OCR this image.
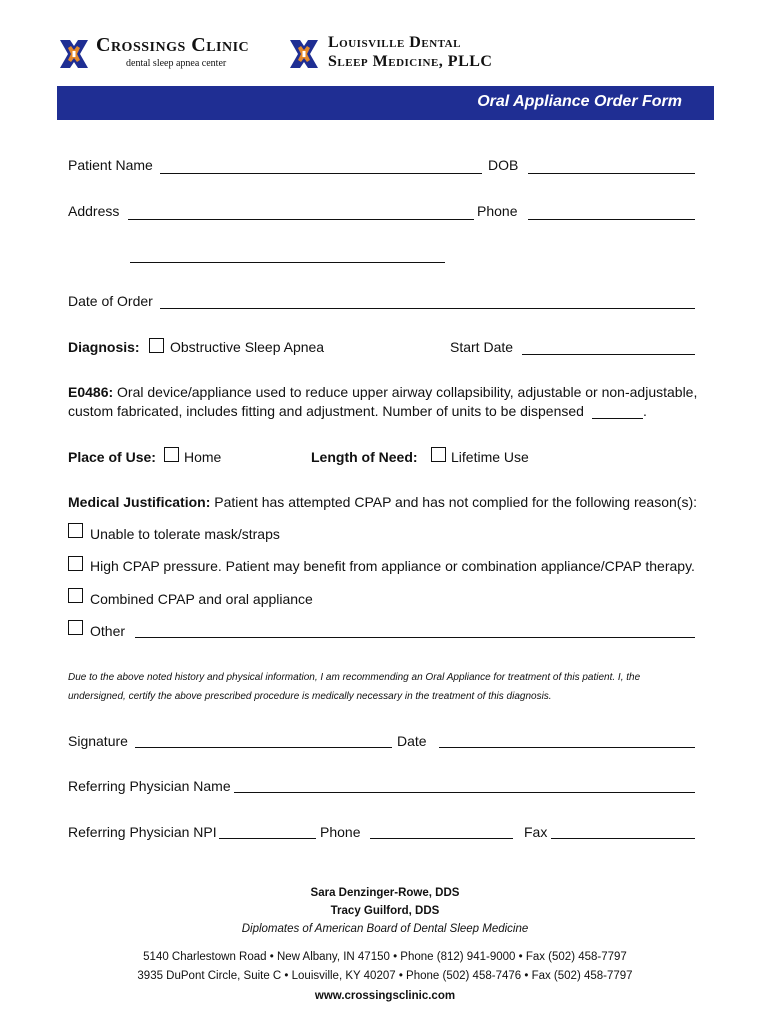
Crossings Clinic
dental sleep apnea center
Louisville Dental
Sleep Medicine, PLLC
Oral Appliance Order Form
Patient Name	DOB
Address	Phone
Date of Order
Diagnosis: Obstructive Sleep Apnea	Start Date
E0486: Oral device/appliance used to reduce upper airway collapsibility, adjustable or non-adjustable,
custom fabricated, includes fitting and adjustment. Number of units to be dispensed	.
Place of Use: Home	Length of Need: Lifetime Use
Medical Justification: Patient has attempted CPAP and has not complied for the following reason(s):
Unable to tolerate mask/straps
High CPAP pressure. Patient may benefit from appliance or combination appliance/CPAP therapy.
Combined CPAP and oral appliance
Other
Due to the above noted history and physical information, I am recommending an Oral Appliance for treatment of this patient. I, the
undersigned, certify the above prescribed procedure is medically necessary in the treatment of this diagnosis.
Signature	Date
Referring Physician Name
Referring Physician NPI	Phone	Fax
Sara Denzinger-Rowe, DDS
Tracy Guilford, DDS
Diplomates of American Board of Dental Sleep Medicine
5140 Charlestown Road • New Albany, IN 47150 • Phone (812) 941-9000 • Fax (502) 458-7797
3935 DuPont Circle, Suite C • Louisville, KY 40207 • Phone (502) 458-7476 • Fax (502) 458-7797
www.crossingsclinic.com
